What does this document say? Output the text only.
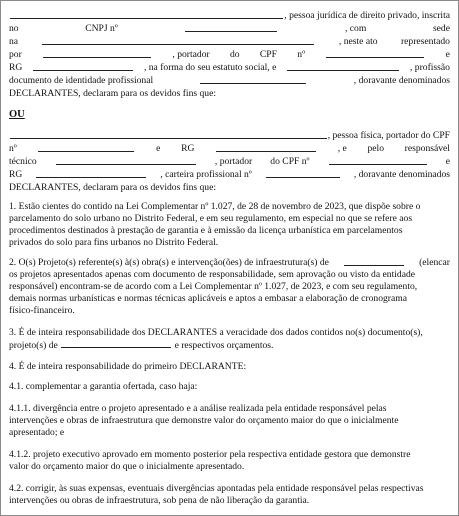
, pessoa jurídica de direito privado, inscrita
no	CNPJ nº	, com	sede
na	, neste ato representado
por	, portador do CPF nº	e
RG	, na forma do seu estatuto social, e	, profissão
documento de identidade profissional	, doravante denominados
DECLARANTES, declaram para os devidos fins que:
OU
, pessoa física, portador do CPF
nº	e RG	, e pelo responsável
técnico	, portador do CPF nº	e
RG	, carteira profissional nº	, doravante denominados
DECLARANTES, declaram para os devidos fins que:
1. Estão cientes do contido na Lei Complementar nº 1.027, de 28 de novembro de 2023, que dispõe sobre o
parcelamento do solo urbano no Distrito Federal, e em seu regulamento, em especial no que se refere aos
procedimentos destinados à prestação de garantia e à emissão da licença urbanística em parcelamentos
privados do solo para fins urbanos no Distrito Federal.
2. O(s) Projeto(s) referente(s) à(s) obra(s) e intervenção(ões) de infraestrutura(s) de	(elencar
os projetos apresentados apenas com documento de responsabilidade, sem aprovação ou visto da entidade
responsável) encontram-se de acordo com a Lei Complementar nº 1.027, de 2023, e com seu regulamento,
demais normas urbanísticas e normas técnicas aplicáveis e aptos a embasar a elaboração de cronograma
físico-financeiro.
3. É de inteira responsabilidade dos DECLARANTES a veracidade dos dados contidos no(s) documento(s),
projeto(s) de	e respectivos orçamentos.
4. É de inteira responsabilidade do primeiro DECLARANTE:
4.1. complementar a garantia ofertada, caso haja:
4.1.1. divergência entre o projeto apresentado e a análise realizada pela entidade responsável pelas
intervenções e obras de infraestrutura que demonstre valor do orçamento maior do que o inicialmente
apresentado; e
4.1.2. projeto executivo aprovado em momento posterior pela respectiva entidade gestora que demonstre
valor do orçamento maior do que o inicialmente apresentado.
4.2. corrigir, às suas expensas, eventuais divergências apontadas pela entidade responsável pelas respectivas
intervenções ou obras de infraestrutura, sob pena de não liberação da garantia.
